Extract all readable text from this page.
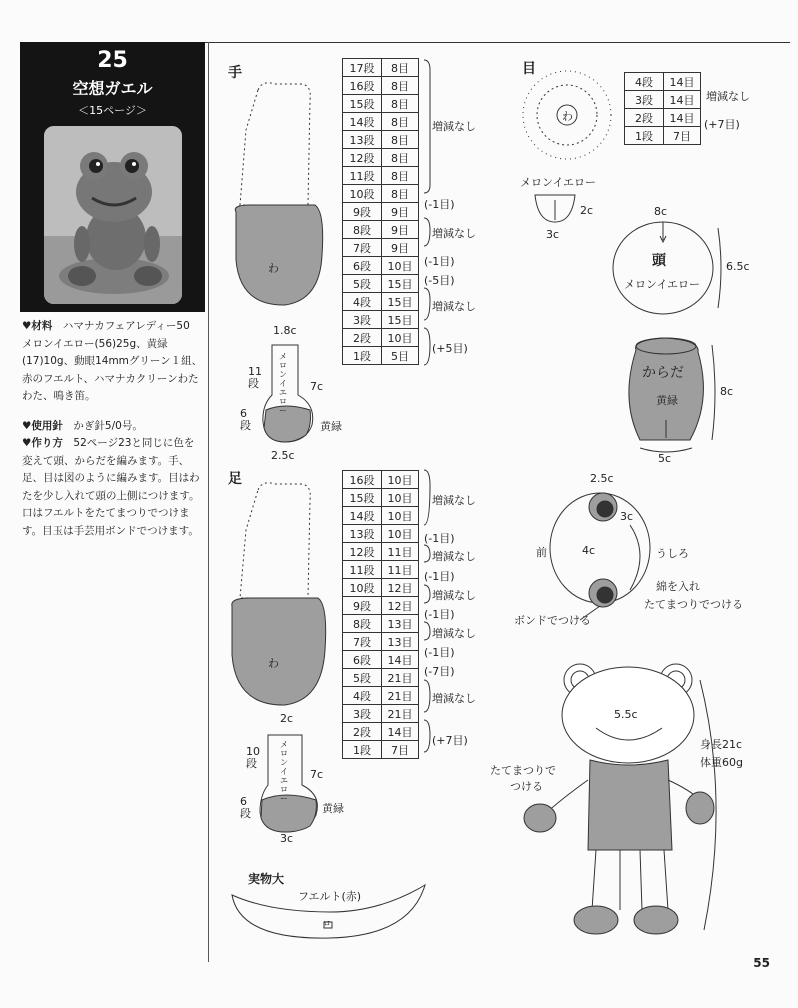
25
空想ガエル
＜15ページ＞

♥材料　 ハマナカフェアレディー50　メロンイエロー(56)25g、黄緑(17)10g、動眼14mmグリーン１組、赤のフエルト、ハマナカクリーンわたわた、鳴き笛。

♥使用針　 かぎ針5/0号。

♥作り方　 52ページ23と同じに色を変えて頭、からだを編みます。手、足、目は図のように編みます。目はわたを少し入れて頭の上側につけます。口はフエルトをたてまつりでつけます。目玉は手芸用ボンドでつけます。

手
足
目
わ
わ
わ
17段	8目
16段	8目
15段	8目
14段	8目
13段	8目
12段	8目
11段	8目
10段	8目
9段	9目
8段	9目
7段	9目
6段	10目
5段	15目
4段	15目
3段	15目
2段	10目
1段	5目
増減なし
(-1目)
増減なし
(-1目)
(-5目)
増減なし
(+5目)
16段	10目
15段	10目
14段	10目
13段	10目
12段	11目
11段	11目
10段	12目
9段	12目
8段	13目
7段	13目
6段	14目
5段	21目
4段	21目
3段	21目
2段	14目
1段	7目
増減なし
(-1目)
増減なし
(-1目)
増減なし
(-1目)
増減なし
(-1目)
(-7目)
増減なし
(+7目)
4段	14目
3段	14目
2段	14目
1段	7目
増減なし
(+7目)
メロンイエロー
2c
3c
1.8c
7c
11段
6段
2.5c
メロンイエロー
黄緑
2c
7c
10段
6段
3c
メロンイエロー
黄緑
8c
頭
メロンイエロー
6.5c
からだ
黄緑
8c
5c
2.5c
3c
前	4c	うしろ
綿を入れ
たてまつりでつける
ボンドでつける
5.5c
身長21c
体重60g
たてまつりで
つける
実物大
フエルト(赤)
ロ
55
